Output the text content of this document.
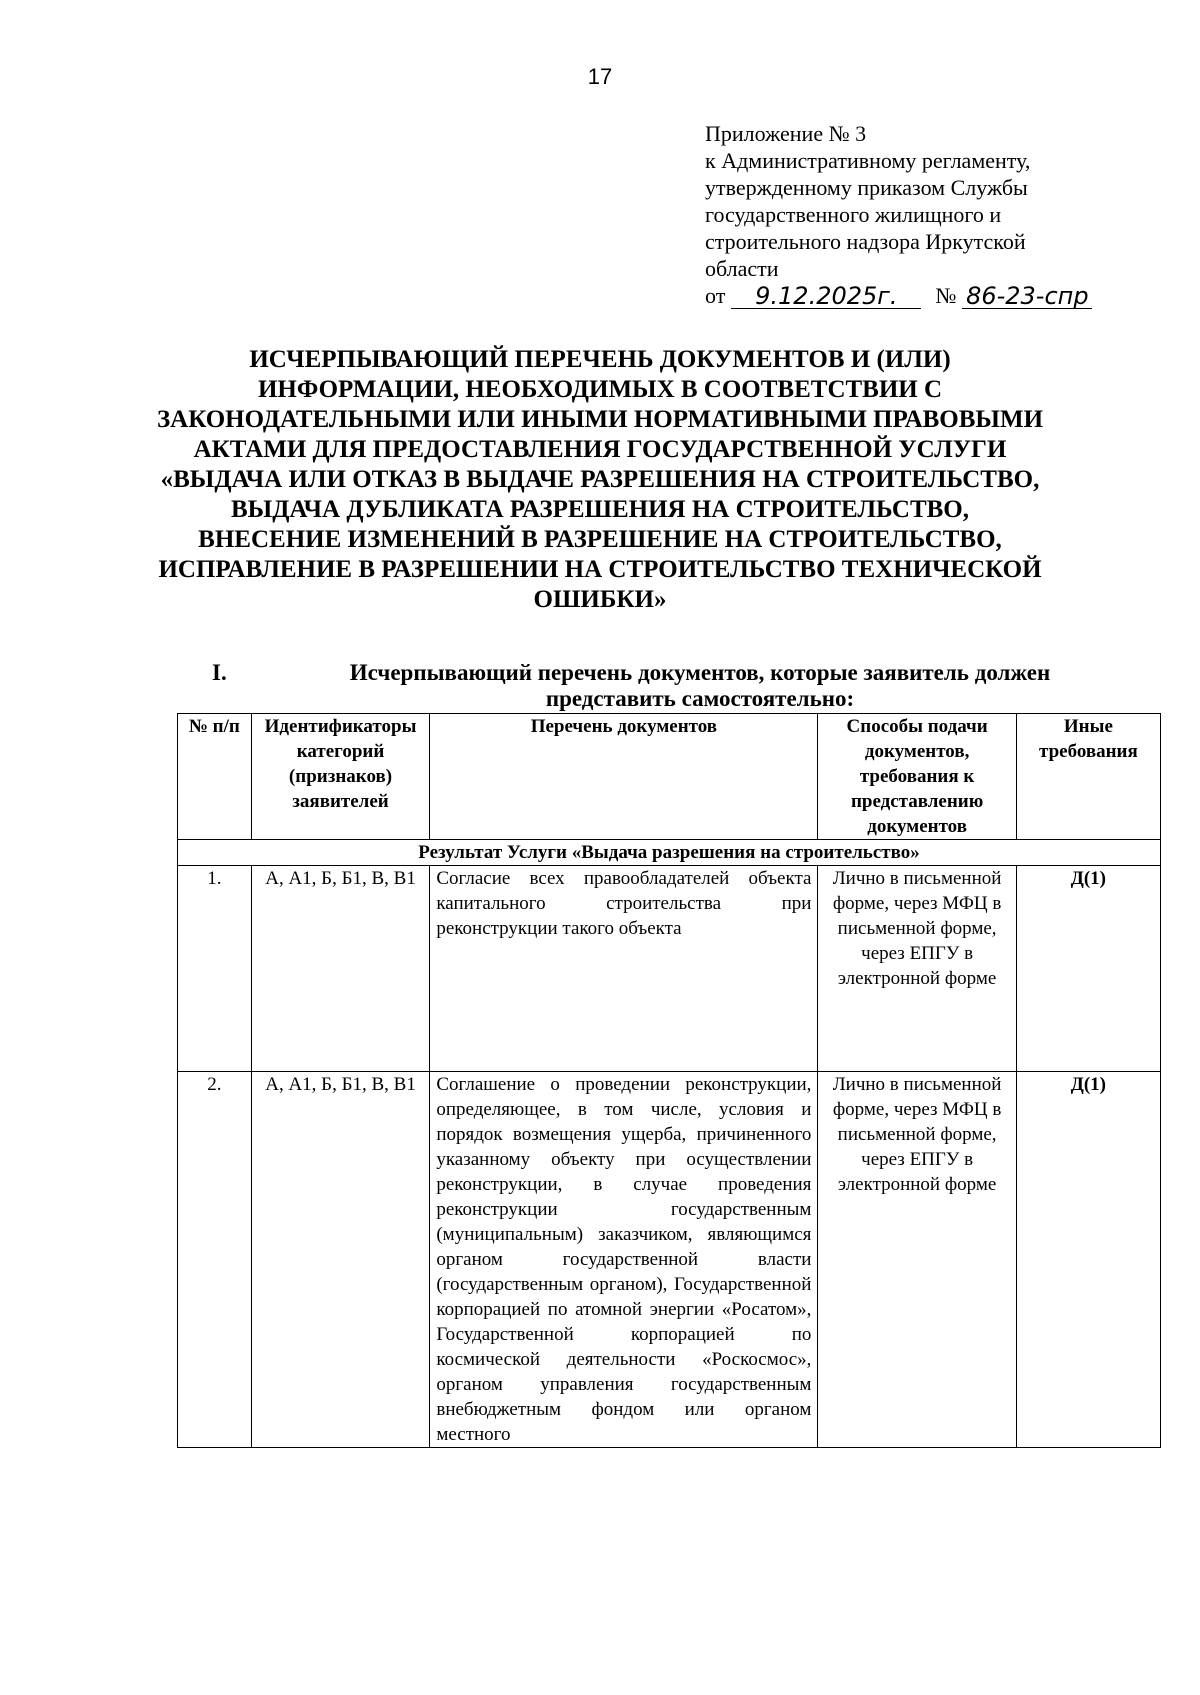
17
Приложение № 3
к Административному регламенту,
утвержденному приказом Службы
государственного жилищного и
строительного надзора Иркутской
области
от	9.12.2025г.	№ 86-23-спр
ИСЧЕРПЫВАЮЩИЙ ПЕРЕЧЕНЬ ДОКУМЕНТОВ И (ИЛИ)
ИНФОРМАЦИИ, НЕОБХОДИМЫХ В СООТВЕТСТВИИ С
ЗАКОНОДАТЕЛЬНЫМИ ИЛИ ИНЫМИ НОРМАТИВНЫМИ ПРАВОВЫМИ
АКТАМИ ДЛЯ ПРЕДОСТАВЛЕНИЯ ГОСУДАРСТВЕННОЙ УСЛУГИ
«ВЫДАЧА ИЛИ ОТКАЗ В ВЫДАЧЕ РАЗРЕШЕНИЯ НА СТРОИТЕЛЬСТВО,
ВЫДАЧА ДУБЛИКАТА РАЗРЕШЕНИЯ НА СТРОИТЕЛЬСТВО,
ВНЕСЕНИЕ ИЗМЕНЕНИЙ В РАЗРЕШЕНИЕ НА СТРОИТЕЛЬСТВО,
ИСПРАВЛЕНИЕ В РАЗРЕШЕНИИ НА СТРОИТЕЛЬСТВО ТЕХНИЧЕСКОЙ
ОШИБКИ»
I.	Исчерпывающий перечень документов, которые заявитель должен
представить самостоятельно:
№ п/п	Идентификаторы категорий (признаков) заявителей	Перечень документов	Способы подачи документов, требования к представлению документов	Иные требования
Результат Услуги «Выдача разрешения на строительство»				
1.	А, А1, Б, Б1, В, В1	Согласие всех правообладателей объекта капитального строительства при реконструкции такого объекта	Лично в письменной форме, через МФЦ в письменной форме, через ЕПГУ в электронной форме	Д(1)
2.	А, А1, Б, Б1, В, В1	Соглашение о проведении реконструкции, определяющее, в том числе, условия и порядок возмещения ущерба, причиненного указанному объекту при осуществлении реконструкции, в случае проведения реконструкции государственным (муниципальным) заказчиком, являющимся органом государственной власти (государственным органом), Государственной корпорацией по атомной энергии «Росатом», Государственной корпорацией по космической деятельности «Роскосмос», органом управления государственным внебюджетным фондом или органом местного	Лично в письменной форме, через МФЦ в письменной форме, через ЕПГУ в электронной форме	Д(1)
